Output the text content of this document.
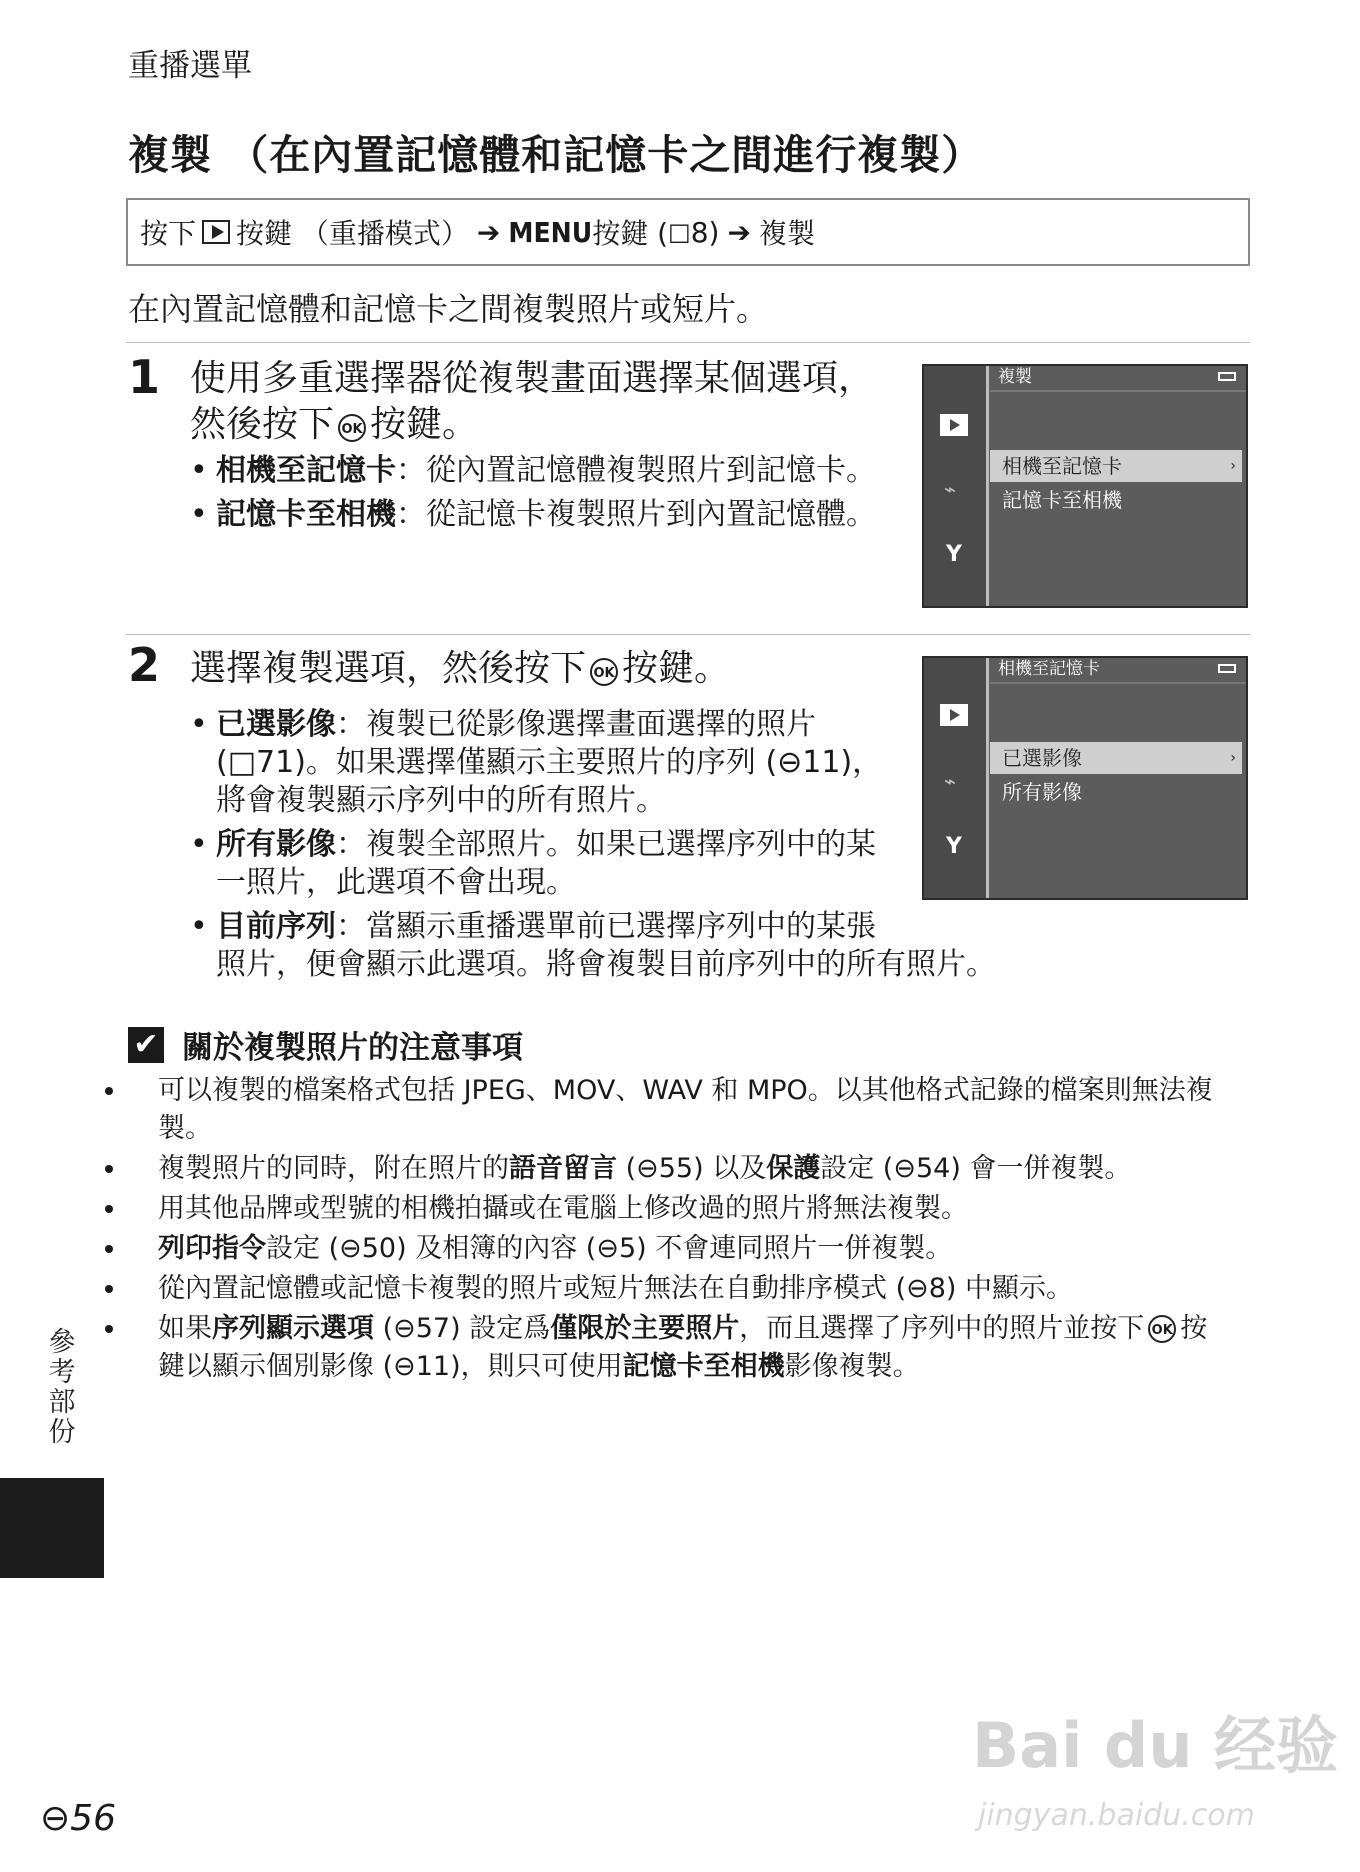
重播選單
複製 （在內置記憶體和記憶卡之間進行複製）
按下 按鍵 （重播模式） ➔ MENU 按鍵 ( □ 8) ➔ 複製
在內置記憶體和記憶卡之間複製照片或短片。
1 使用多重選擇器從複製畫面選擇某個選項，
然後按下 OK 按鍵。
• 相機至記憶卡：從內置記憶體複製照片到記憶卡。
• 記憶卡至相機：從記憶卡複製照片到內置記憶體。
⌁
Y
複製
相機至記憶卡	›
記憶卡至相機
2 選擇複製選項，然後按下 OK 按鍵。
• 已選影像：複製已從影像選擇畫面選擇的照片
(□71)。如果選擇僅顯示主要照片的序列 (⊖11)，
將會複製顯示序列中的所有照片。
• 所有影像：複製全部照片。如果已選擇序列中的某
一照片，此選項不會出現。
• 目前序列：當顯示重播選單前已選擇序列中的某張
照片，便會顯示此選項。將會複製目前序列中的所有照片。
⌁
Y
相機至記憶卡
已選影像	›
所有影像
✔ 關於複製照片的注意事項
• 可以複製的檔案格式包括 JPEG、MOV、WAV 和 MPO。以其他格式記錄的檔案則無法複製。
• 複製照片的同時，附在照片的語音留言 (⊖55) 以及保護設定 (⊖54) 會一併複製。
• 用其他品牌或型號的相機拍攝或在電腦上修改過的照片將無法複製。
• 列印指令設定 (⊖50) 及相簿的內容 (⊖5) 不會連同照片一併複製。
• 從內置記憶體或記憶卡複製的照片或短片無法在自動排序模式 (⊖8) 中顯示。
• 如果序列顯示選項 (⊖57) 設定爲僅限於主要照片，而且選擇了序列中的照片並按下 OK 按
鍵以顯示個別影像 (⊖11)，則只可使用記憶卡至相機影像複製。
參考部份
⊖56
Bai du 经验
jingyan.baidu.com
